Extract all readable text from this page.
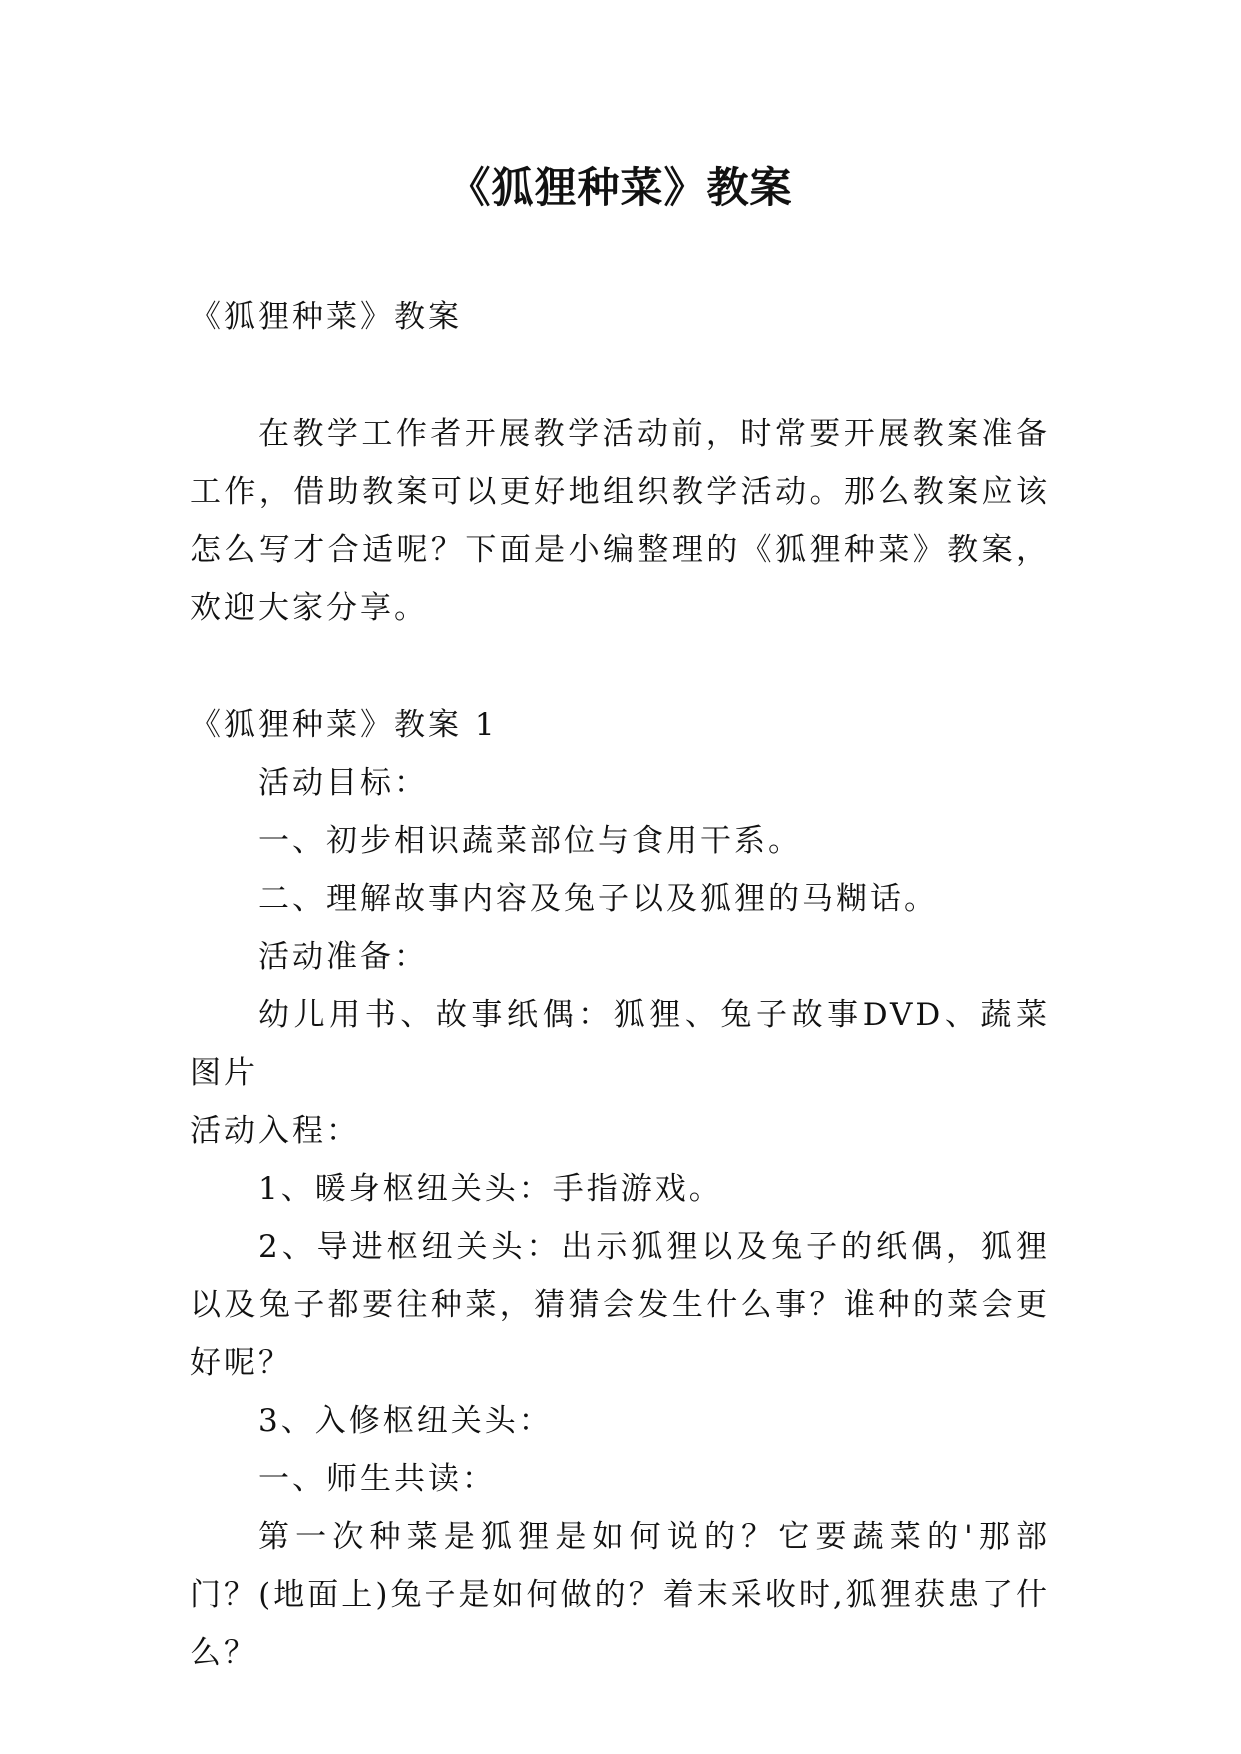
《狐狸种菜》教案
《狐狸种菜》教案
在教学工作者开展教学活动前，时常要开展教案准备工作，借助教案可以更好地组织教学活动。那么教案应该怎么写才合适呢？下面是小编整理的《狐狸种菜》教案，欢迎大家分享。

《狐狸种菜》教案 1

活动目标：

一、初步相识蔬菜部位与食用干系。

二、理解故事内容及兔子以及狐狸的马糊话。

活动准备：

幼儿用书、故事纸偶：狐狸、兔子故事DVD、蔬菜图片

活动入程：

1、暖身枢纽关头：手指游戏。

2、导进枢纽关头：出示狐狸以及兔子的纸偶，狐狸以及兔子都要往种菜，猜猜会发生什么事？谁种的菜会更好呢？

3、入修枢纽关头：

一、师生共读：

第一次种菜是狐狸是如何说的？它要蔬菜的'那部门？(地面上)兔子是如何做的？着末采收时,狐狸获患了什么？
